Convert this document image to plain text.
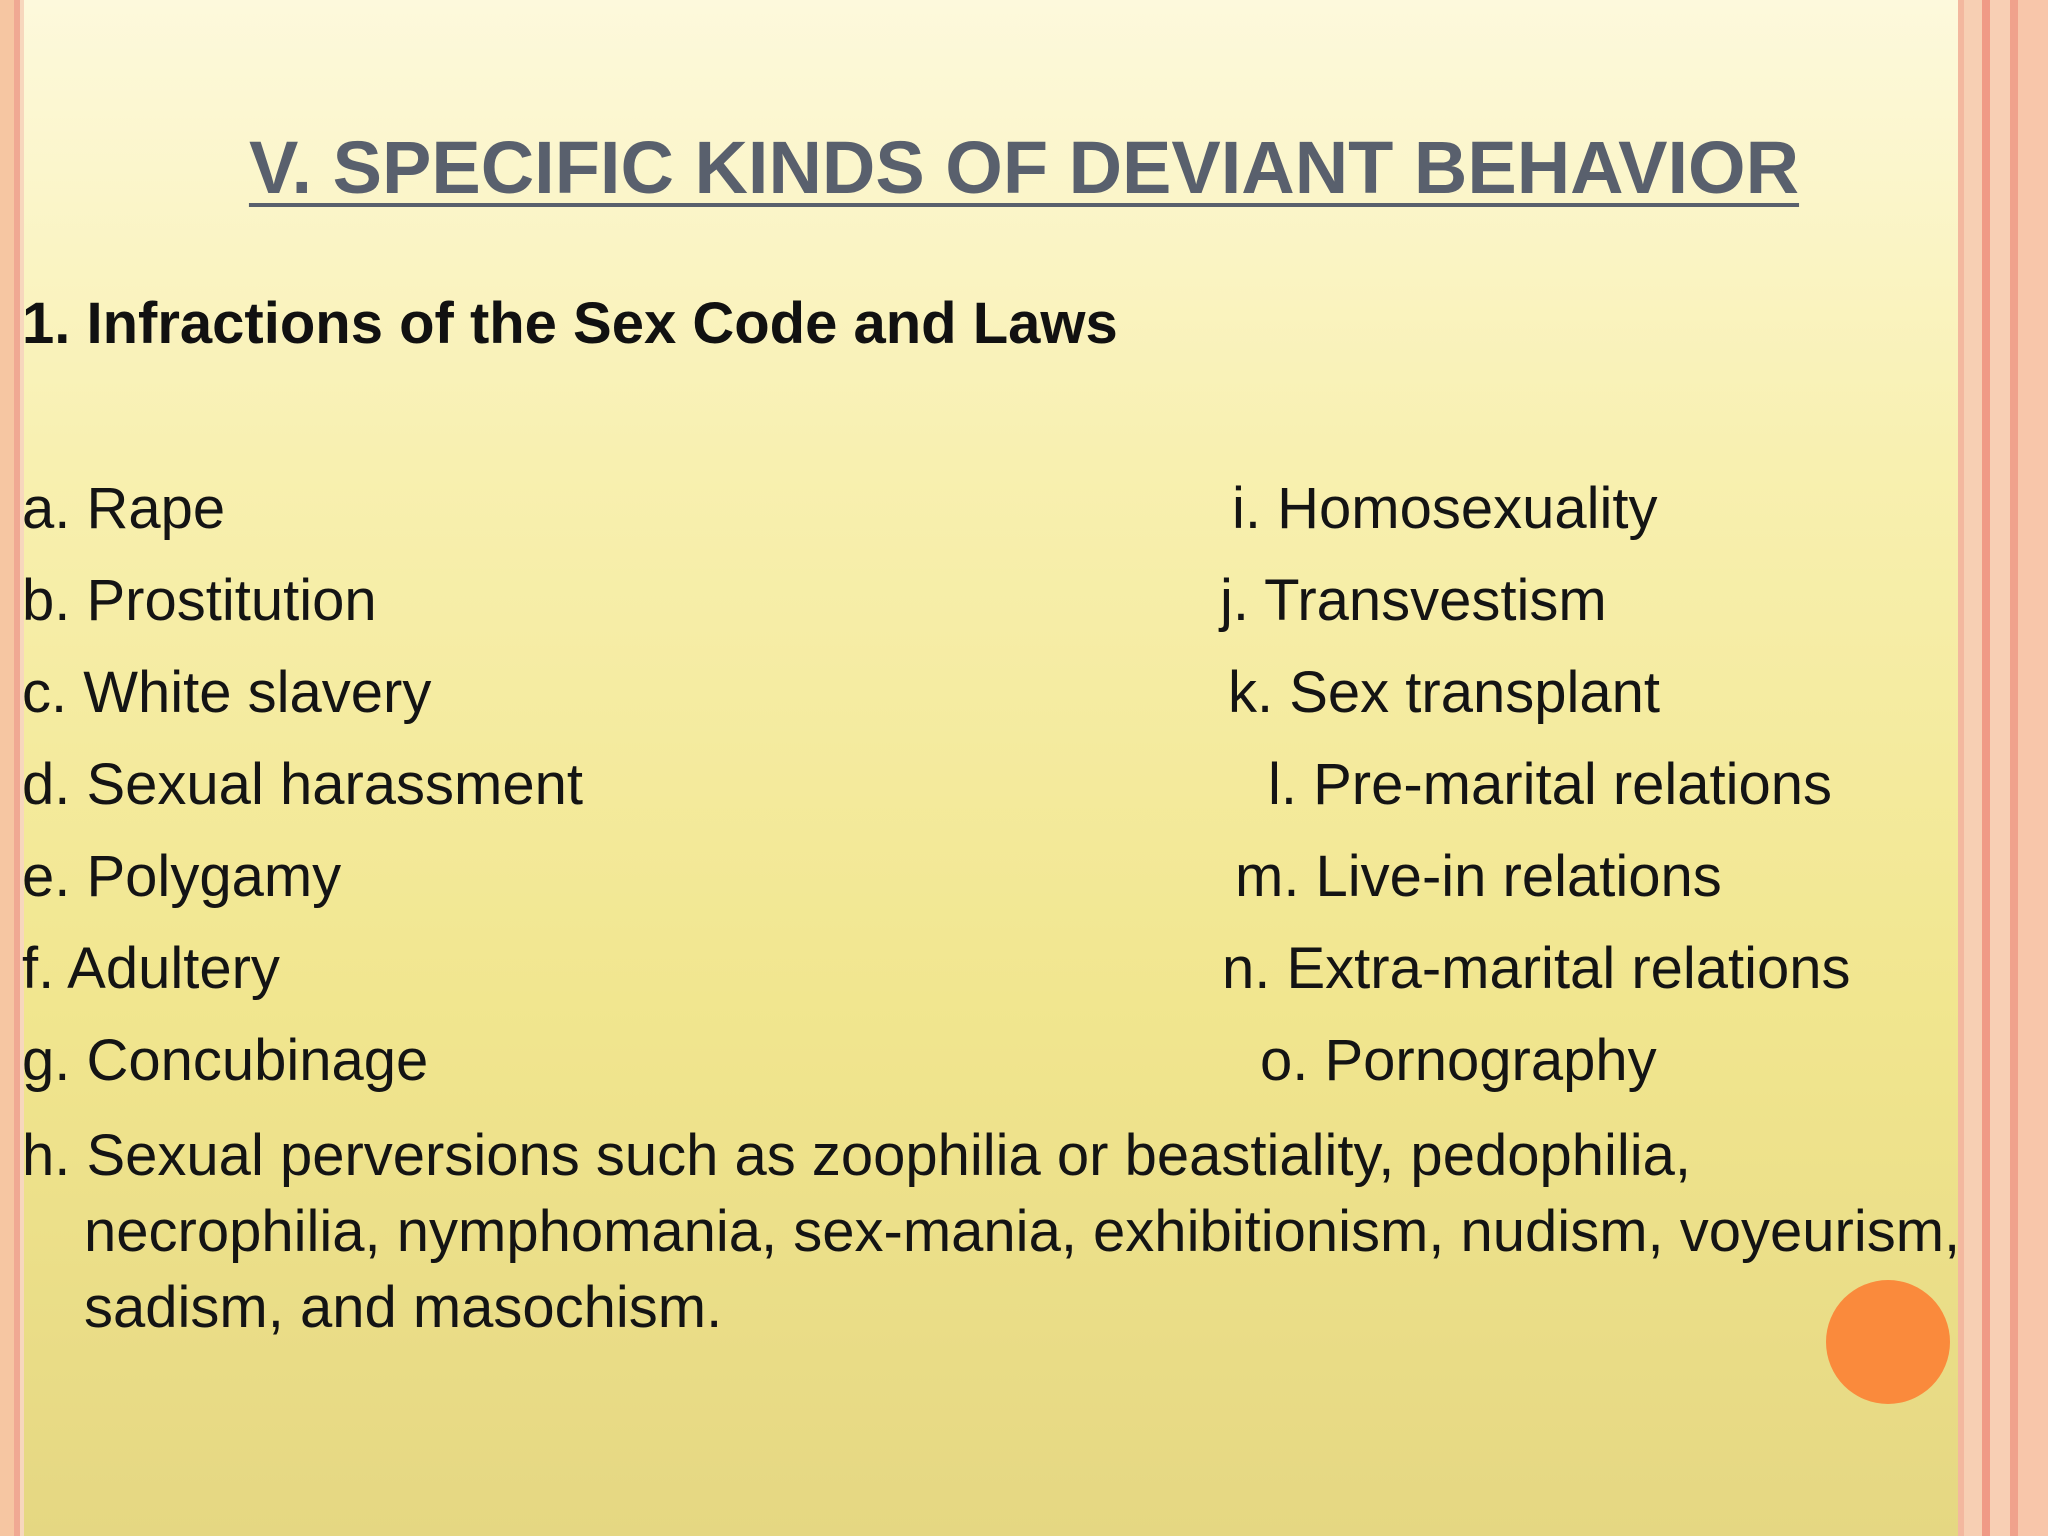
V. SPECIFIC KINDS OF DEVIANT BEHAVIOR
1. Infractions of the Sex Code and Laws
a. Rape
b. Prostitution
c. White slavery
d. Sexual harassment
e. Polygamy
f. Adultery
g. Concubinage
i. Homosexuality
j. Transvestism
k. Sex transplant
l. Pre-marital relations
m. Live-in relations
n. Extra-marital relations
o. Pornography
h. Sexual perversions such as zoophilia or beastiality, pedophilia, necrophilia, nymphomania, sex-mania, exhibitionism, nudism, voyeurism, sadism, and masochism.
